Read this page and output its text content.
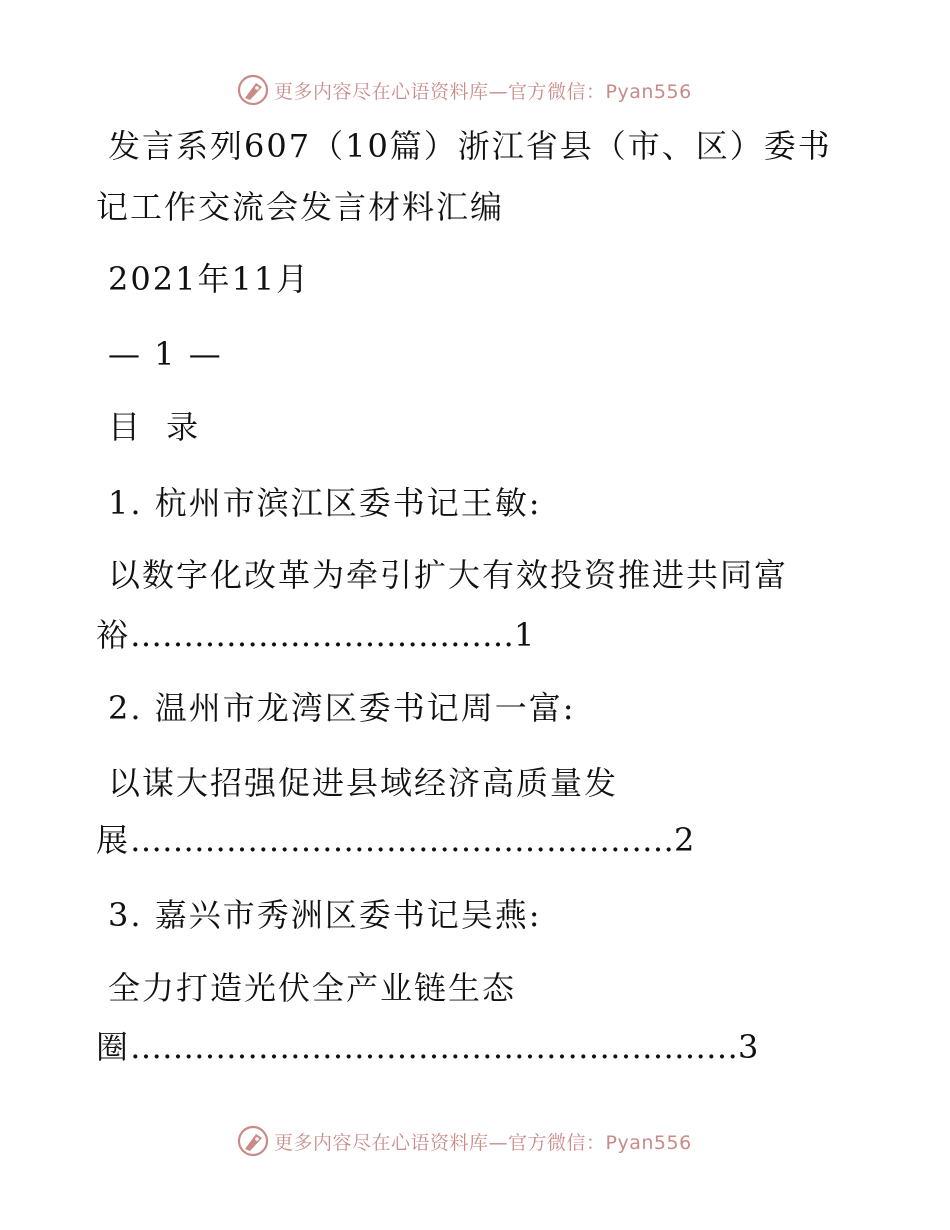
更多内容尽在心语资料库—官方微信：Pyan556
发言系列607（10篇）浙江省县（市、区）委书
记工作交流会发言材料汇编
2021年11月
— 1 —
目 录
1. 杭州市滨江区委书记王敏:
以数字化改革为牵引扩大有效投资推进共同富
裕………………………………1
2. 温州市龙湾区委书记周一富:
以谋大招强促进县域经济高质量发
展……………………………………………2
3. 嘉兴市秀洲区委书记吴燕:
全力打造光伏全产业链生态
圈…………………………………………………3
更多内容尽在心语资料库—官方微信：Pyan556
